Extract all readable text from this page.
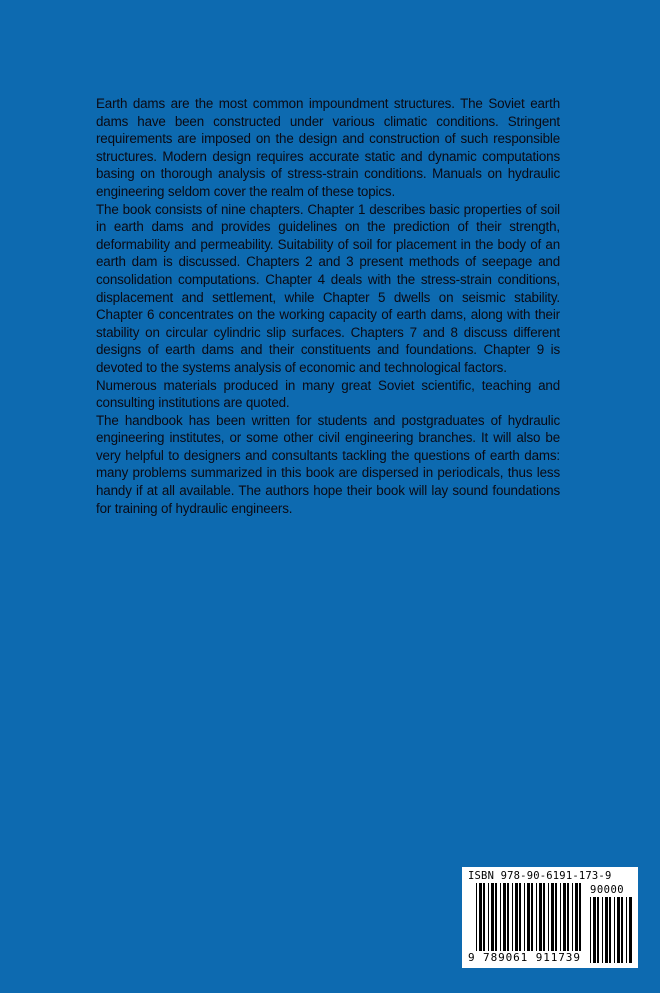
Earth dams are the most common impoundment structures. The Soviet earth dams have been constructed under various climatic conditions. Stringent requirements are imposed on the design and construction of such responsible structures. Modern design requires accurate static and dynamic computations basing on thorough analysis of stress-strain conditions. Manuals on hydraulic engineering seldom cover the realm of these topics.

The book consists of nine chapters. Chapter 1 describes basic properties of soil in earth dams and provides guidelines on the prediction of their strength, deformability and permeability. Suitability of soil for placement in the body of an earth dam is discussed. Chapters 2 and 3 present methods of seepage and consolidation computations. Chapter 4 deals with the stress-strain conditions, displacement and settlement, while Chapter 5 dwells on seismic stability. Chapter 6 concentrates on the working capacity of earth dams, along with their stability on circular cylindric slip surfaces. Chapters 7 and 8 discuss different designs of earth dams and their constituents and foundations. Chapter 9 is devoted to the systems analysis of economic and technological factors.

Numerous materials produced in many great Soviet scientific, teaching and consulting institutions are quoted.

The handbook has been written for students and postgraduates of hydraulic engineering institutes, or some other civil engineering branches. It will also be very helpful to designers and consultants tackling the questions of earth dams: many problems summarized in this book are dispersed in periodicals, thus less handy if at all available. The authors hope their book will lay sound foundations for training of hydraulic engineers.

ISBN 978-90-6191-173-9
90000
9 789061 911739
